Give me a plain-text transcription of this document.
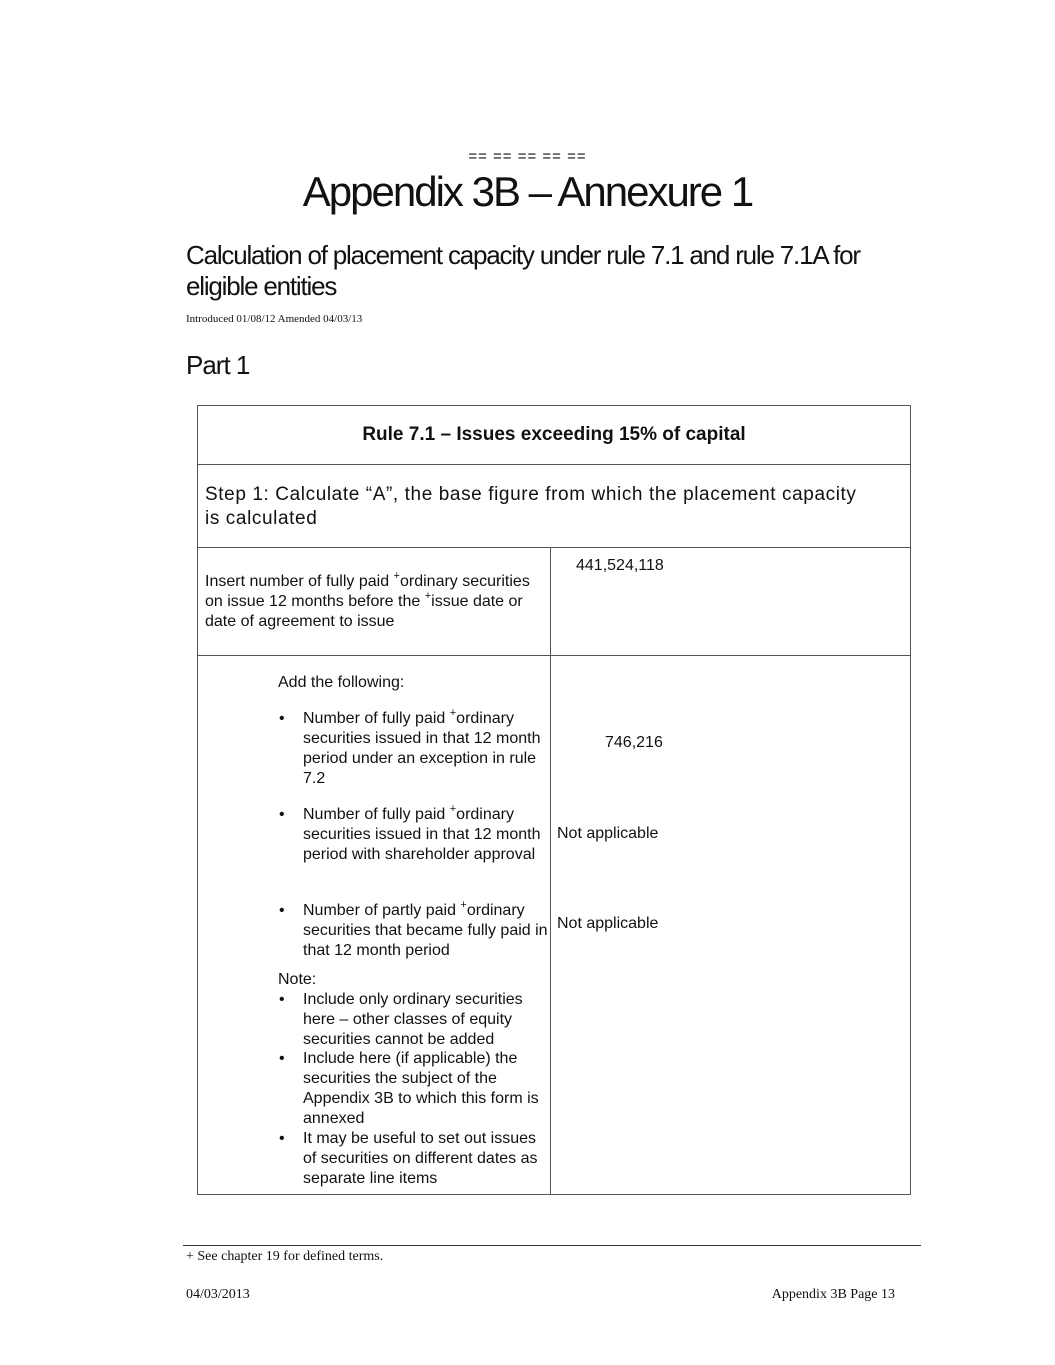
== == == == ==
Appendix 3B – Annexure 1
Calculation of placement capacity under rule 7.1 and rule 7.1A for eligible entities
Introduced 01/08/12 Amended 04/03/13
Part 1
Rule 7.1 – Issues exceeding 15% of capital
Step 1: Calculate “A”, the base figure from which the placement capacity is calculated
Insert number of fully paid +ordinary securities on issue 12 months before the +issue date or date of agreement to issue
441,524,118
Add the following:
• Number of fully paid +ordinary securities issued in that 12 month period under an exception in rule 7.2
746,216
• Number of fully paid +ordinary securities issued in that 12 month period with shareholder approval
Not applicable
• Number of partly paid +ordinary securities that became fully paid in that 12 month period
Not applicable
Note:
• Include only ordinary securities here – other classes of equity securities cannot be added
• Include here (if applicable) the securities the subject of the Appendix 3B to which this form is annexed
• It may be useful to set out issues of securities on different dates as separate line items
+ See chapter 19 for defined terms.
04/03/2013	Appendix 3B Page 13
